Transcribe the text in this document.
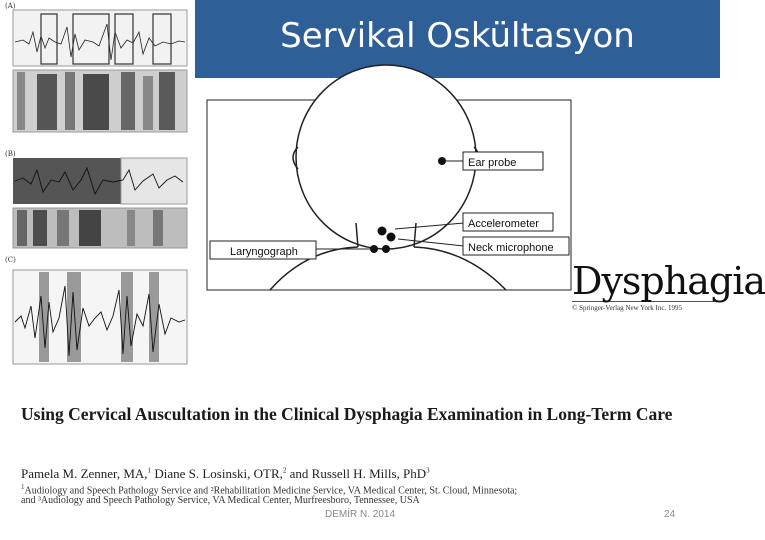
Servikal Oskültasyon
(A)
(B)
(C)
Ear probe
Accelerometer
Neck microphone
Laryngograph
Dysphagia
© Springer-Verlag New York Inc. 1995
Using Cervical Auscultation in the Clinical Dysphagia Examination in Long-Term Care
Pamela M. Zenner, MA,$^1$ Diane S. Losinski, OTR,$^2$ and Russell H. Mills, PhD$^3$
$^1$Audiology and Speech Pathology Service and ²Rehabilitation Medicine Service, VA Medical Center, St. Cloud, Minnesota;
and ³Audiology and Speech Pathology Service, VA Medical Center, Murfreesboro, Tennessee, USA
DEMİR N. 2014	24
